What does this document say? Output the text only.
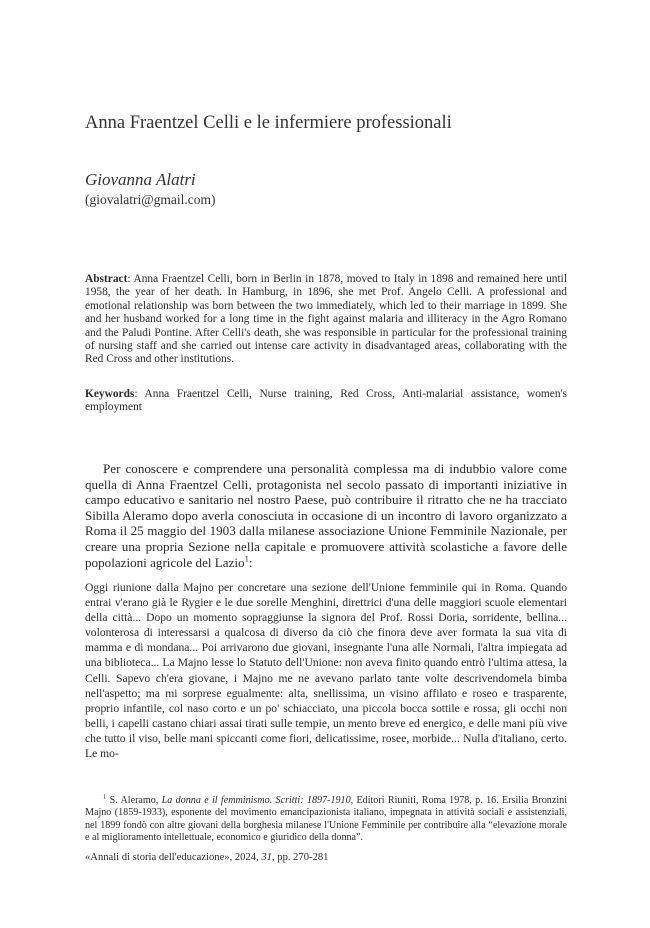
Anna Fraentzel Celli e le infermiere professionali

Giovanna Alatri

(giovalatri@gmail.com)

Abstract: Anna Fraentzel Celli, born in Berlin in 1878, moved to Italy in 1898 and remained here until 1958, the year of her death. In Hamburg, in 1896, she met Prof. Angelo Celli. A professional and emotional relationship was born between the two immediately, which led to their marriage in 1899. She and her husband worked for a long time in the fight against malaria and illiteracy in the Agro Romano and the Paludi Pontine. After Celli's death, she was responsible in particular for the professional training of nursing staff and she carried out intense care activity in disadvantaged areas, collaborating with the Red Cross and other institutions.

Keywords: Anna Fraentzel Celli, Nurse training, Red Cross, Anti-malarial assistance, women's employment

Per conoscere e comprendere una personalità complessa ma di indubbio valore come quella di Anna Fraentzel Celli, protagonista nel secolo passato di importanti iniziative in campo educativo e sanitario nel nostro Paese, può contribuire il ritratto che ne ha tracciato Sibilla Aleramo dopo averla conosciuta in occasione di un incontro di lavoro organizzato a Roma il 25 maggio del 1903 dalla milanese associazione Unione Femminile Nazionale, per creare una propria Sezione nella capitale e promuovere attività scolastiche a favore delle popolazioni agricole del Lazio$^1$:

Oggi riunione dalla Majno per concretare una sezione dell'Unione femminile qui in Roma. Quando entrai v'erano già le Rygier e le due sorelle Menghini, direttrici d'una delle maggiori scuole elementari della città... Dopo un momento sopraggiunse la signora del Prof. Rossi Doria, sorridente, bellina... volonterosa di interessarsi a qualcosa di diverso da ciò che finora deve aver formata la sua vita di mamma e di mondana... Poi arrivarono due giovani, insegnante l'una alle Normali, l'altra impiegata ad una biblioteca... La Majno lesse lo Statuto dell'Unione: non aveva finito quando entrò l'ultima attesa, la Celli. Sapevo ch'era giovane, i Majno me ne avevano parlato tante volte descrivendomela bimba nell'aspetto; ma mi sorprese egualmente: alta, snellissima, un visino affilato e roseo e trasparente, proprio infantile, col naso corto e un po' schiacciato, una piccola bocca sottile e rossa, gli occhi non belli, i capelli castano chiari assai tirati sulle tempie, un mento breve ed energico, e delle mani più vive che tutto il viso, belle mani spiccanti come fiori, delicatissime, rosee, morbide... Nulla d'italiano, certo. Le mo-

$^1$ S. Aleramo, La donna e il femminismo. Scritti: 1897-1910, Editori Riuniti, Roma 1978, p. 16. Ersilia Bronzini Majno (1859-1933), esponente del movimento emancipazionista italiano, impegnata in attività sociali e assistenziali, nel 1899 fondò con altre giovani della borghesia milanese l'Unione Femminile per contribuire alla “elevazione morale e al miglioramento intellettuale, economico e giuridico della donna”.

«Annali di storia dell'educazione», 2024, 31, pp. 270-281
